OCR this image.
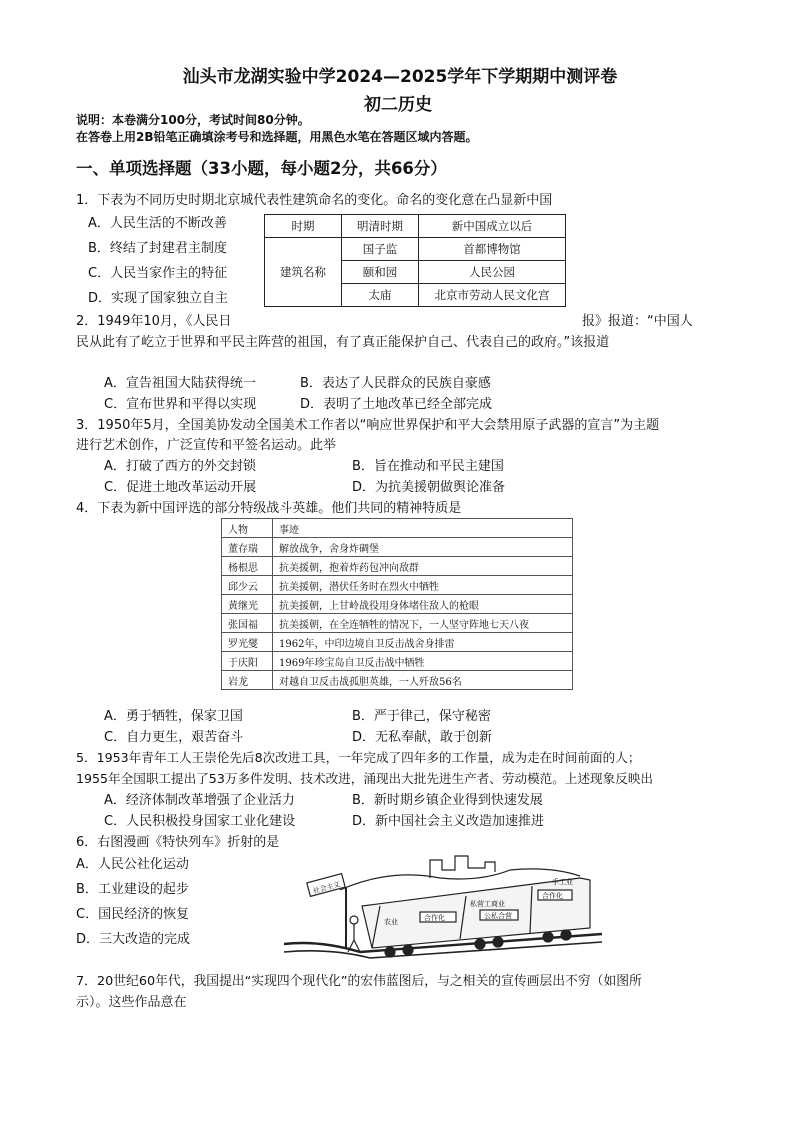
汕头市龙湖实验中学2024—2025学年下学期期中测评卷
初二历史
说明：本卷满分100分，考试时间80分钟。
在答卷上用2B铅笔正确填涂考号和选择题，用黑色水笔在答题区域内答题。
一、单项选择题（33小题，每小题2分，共66分）
1．下表为不同历史时期北京城代表性建筑命名的变化。命名的变化意在凸显新中国
A．人民生活的不断改善
B．终结了封建君主制度
C．人民当家作主的特征
D．实现了国家独立自主
时期	明清时期	新中国成立以后
建筑名称	国子监	首都博物馆
	颐和园	人民公园
	太庙	北京市劳动人民文化宫
2．1949年10月，《人民日	报》报道：“中国人
民从此有了屹立于世界和平民主阵营的祖国，有了真正能保护自己、代表自己的政府。”该报道
A．宣告祖国大陆获得统一	B．表达了人民群众的民族自豪感
C．宣布世界和平得以实现	D．表明了土地改革已经全部完成
3．1950年5月，全国美协发动全国美术工作者以“响应世界保护和平大会禁用原子武器的宣言”为主题
进行艺术创作，广泛宣传和平签名运动。此举
A．打破了西方的外交封锁	B．旨在推动和平民主建国
C．促进土地改革运动开展	D．为抗美援朝做舆论准备
4．下表为新中国评选的部分特级战斗英雄。他们共同的精神特质是
人物	事迹
董存瑞	解放战争，舍身炸碉堡
杨根思	抗美援朝，抱着炸药包冲向敌群
邱少云	抗美援朝，潜伏任务时在烈火中牺牲
黄继光	抗美援朝，上甘岭战役用身体堵住敌人的枪眼
张国福	抗美援朝，在全连牺牲的情况下，一人坚守阵地七天八夜
罗光燮	1962年，中印边境自卫反击战舍身排雷
于庆阳	1969年珍宝岛自卫反击战中牺牲
岩龙	对越自卫反击战孤胆英雄，一人歼敌56名
A．勇于牺牲，保家卫国	B．严于律己，保守秘密
C．自力更生，艰苦奋斗	D．无私奉献，敢于创新
5．1953年青年工人王崇伦先后8次改进工具，一年完成了四年多的工作量，成为走在时间前面的人；
1955年全国职工提出了53万多件发明、技术改进，涌现出大批先进生产者、劳动模范。上述现象反映出
A．经济体制改革增强了企业活力	B．新时期乡镇企业得到快速发展
C．人民积极投身国家工业化建设	D．新中国社会主义改造加速推进
6．右图漫画《特快列车》折射的是
A．人民公社化运动
B．工业建设的起步
C．国民经济的恢复
D．三大改造的完成
社会主义
私营工商业
公私合营
手工业
合作化
农业	合作化
7．20世纪60年代，我国提出“实现四个现代化”的宏伟蓝图后，与之相关的宣传画层出不穷（如图所
示）。这些作品意在
